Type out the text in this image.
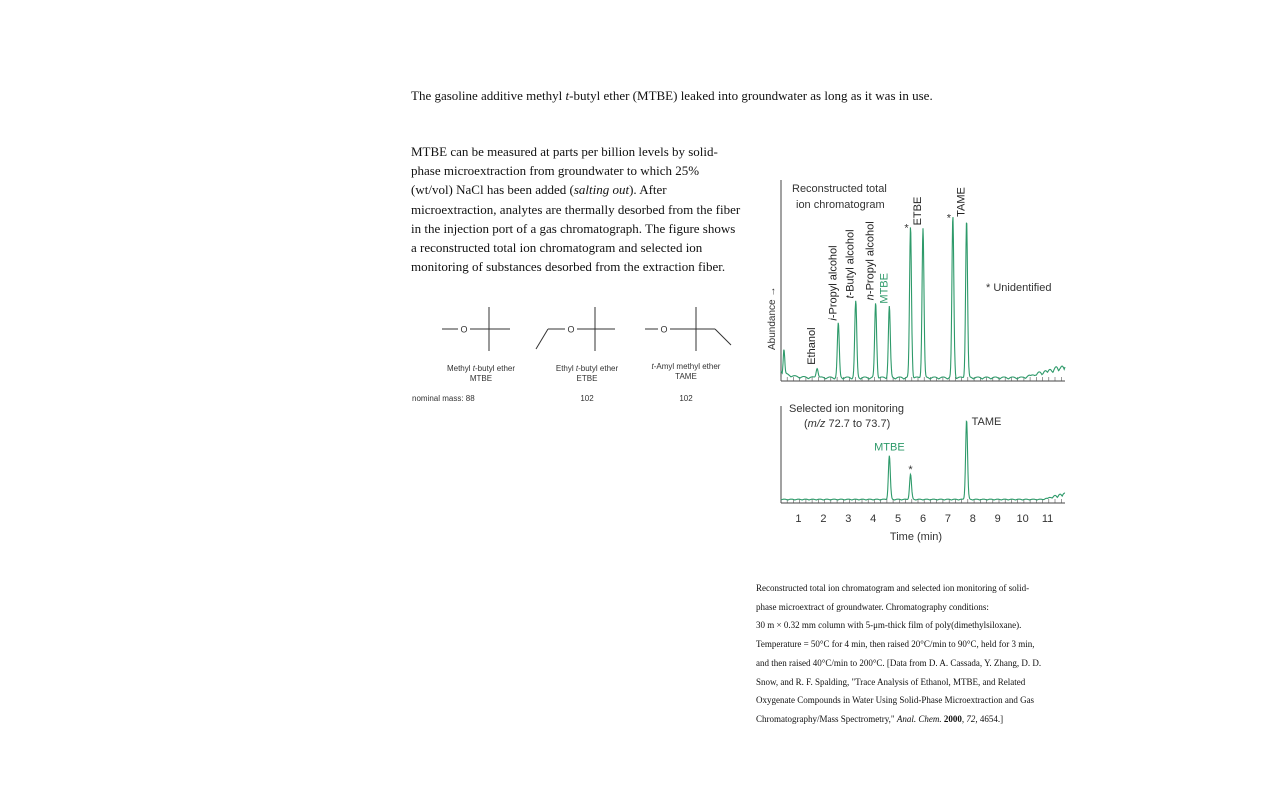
The gasoline additive methyl t-butyl ether (MTBE) leaked into groundwater as long as it was in use.

MTBE can be measured at parts per billion levels by solid-phase microextraction from groundwater to which 25% (wt/vol) NaCl has been added (salting out). After microextraction, analytes are thermally desorbed from the fiber in the injection port of a gas chromatograph. The figure shows a reconstructed total ion chromatogram and selected ion monitoring of substances desorbed from the extraction fiber.

O	O	O
Methyl t-butyl ether
MTBE
Ethyl t-butyl ether
ETBE
t-Amyl methyl ether
TAME
nominal mass: 88	102	102
Reconstructed total
ion chromatogram
* Unidentified
Ethanol
i-Propyl alcohol t-Butyl alcohol
n-Propyl alcohol MTBE
*
ETBE *
TAME
Selected ion monitoring
(m/z 72.7 to 73.7)
MTBE
*
TAME
1 2 3 4 5 6 7 8 9 10 11
Time (min)
Abundance →
Reconstructed total ion chromatogram and selected ion monitoring of solid-
phase microextract of groundwater. Chromatography conditions:
30 m × 0.32 mm column with 5-μm-thick film of poly(dimethylsiloxane).
Temperature = 50°C for 4 min, then raised 20°C/min to 90°C, held for 3 min,
and then raised 40°C/min to 200°C. [Data from D. A. Cassada, Y. Zhang, D. D.
Snow, and R. F. Spalding, "Trace Analysis of Ethanol, MTBE, and Related
Oxygenate Compounds in Water Using Solid-Phase Microextraction and Gas
Chromatography/Mass Spectrometry," Anal. Chem. 2000, 72, 4654.]
